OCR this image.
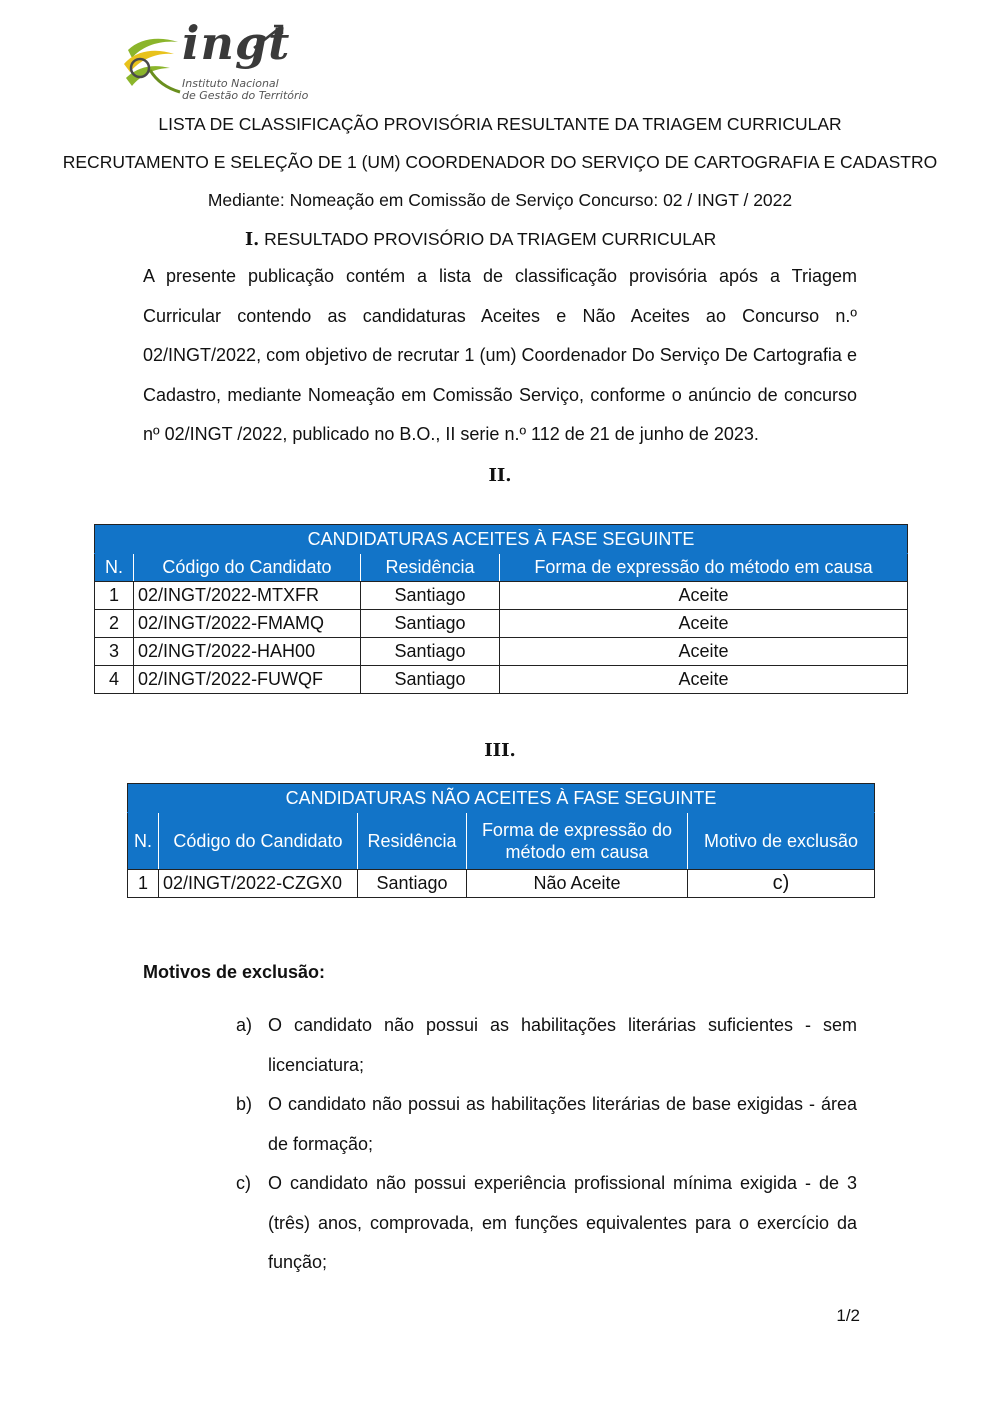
ingt
Instituto Nacional
de Gestão do Território
LISTA DE CLASSIFICAÇÃO PROVISÓRIA RESULTANTE DA TRIAGEM CURRICULAR
RECRUTAMENTO E SELEÇÃO DE 1 (UM) COORDENADOR DO SERVIÇO DE CARTOGRAFIA E CADASTRO
Mediante: Nomeação em Comissão de Serviço Concurso: 02 / INGT / 2022
I. RESULTADO PROVISÓRIO DA TRIAGEM CURRICULAR

A presente publicação contém a lista de classificação provisória após a Triagem Curricular contendo as candidaturas Aceites e Não Aceites ao Concurso n.º 02/INGT/2022, com objetivo de recrutar 1 (um) Coordenador Do Serviço De Cartografia e Cadastro, mediante Nomeação em Comissão Serviço, conforme o anúncio de concurso nº 02/INGT /2022, publicado no B.O., II serie n.º 112 de 21 de junho de 2023.

II.
CANDIDATURAS ACEITES À FASE SEGUINTE			
N.	Código do Candidato	Residência	Forma de expressão do método em causa
1	02/INGT/2022-MTXFR	Santiago	Aceite
2	02/INGT/2022-FMAMQ	Santiago	Aceite
3	02/INGT/2022-HAH00	Santiago	Aceite
4	02/INGT/2022-FUWQF	Santiago	Aceite
III.
CANDIDATURAS NÃO ACEITES À FASE SEGUINTE				
N.	Código do Candidato	Residência	Forma de expressão do método em causa	Motivo de exclusão
1	02/INGT/2022-CZGX0	Santiago	Não Aceite	c)
Motivos de exclusão:
a) O candidato não possui as habilitações literárias suficientes - sem licenciatura;
b) O candidato não possui as habilitações literárias de base exigidas - área de formação;
c) O candidato não possui experiência profissional mínima exigida - de 3 (três) anos, comprovada, em funções equivalentes para o exercício da função;
1/2
